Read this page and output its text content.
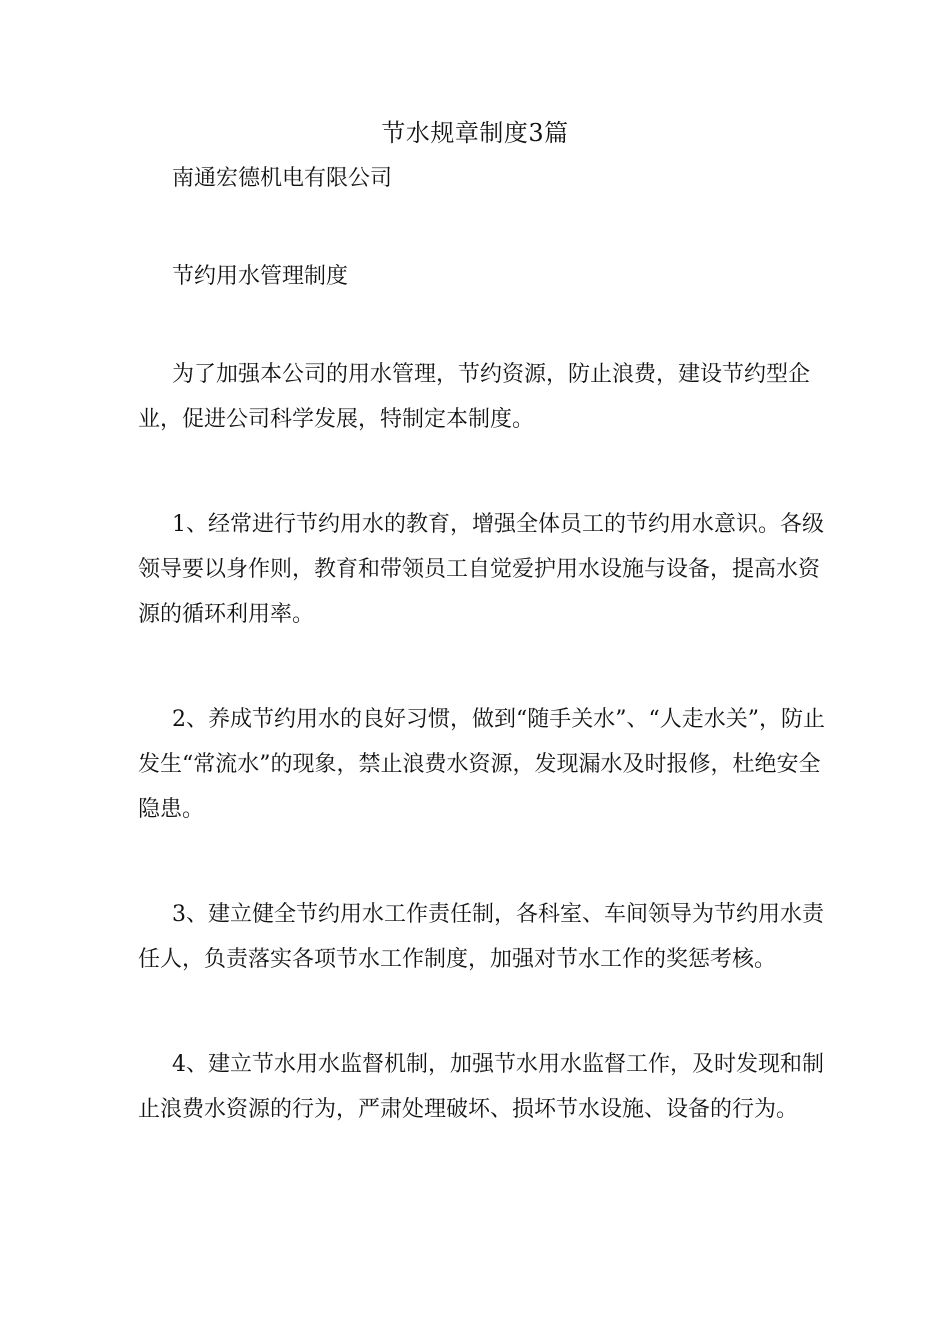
节水规章制度3篇
南通宏德机电有限公司
节约用水管理制度

为了加强本公司的用水管理，节约资源，防止浪费，建设节约型企业，促进公司科学发展，特制定本制度。

1、经常进行节约用水的教育，增强全体员工的节约用水意识。各级领导要以身作则，教育和带领员工自觉爱护用水设施与设备，提高水资源的循环利用率。

2、养成节约用水的良好习惯，做到“随手关水”、“人走水关”，防止发生“常流水”的现象，禁止浪费水资源，发现漏水及时报修，杜绝安全隐患。

3、建立健全节约用水工作责任制，各科室、车间领导为节约用水责任人，负责落实各项节水工作制度，加强对节水工作的奖惩考核。

4、建立节水用水监督机制，加强节水用水监督工作，及时发现和制止浪费水资源的行为，严肃处理破坏、损坏节水设施、设备的行为。
